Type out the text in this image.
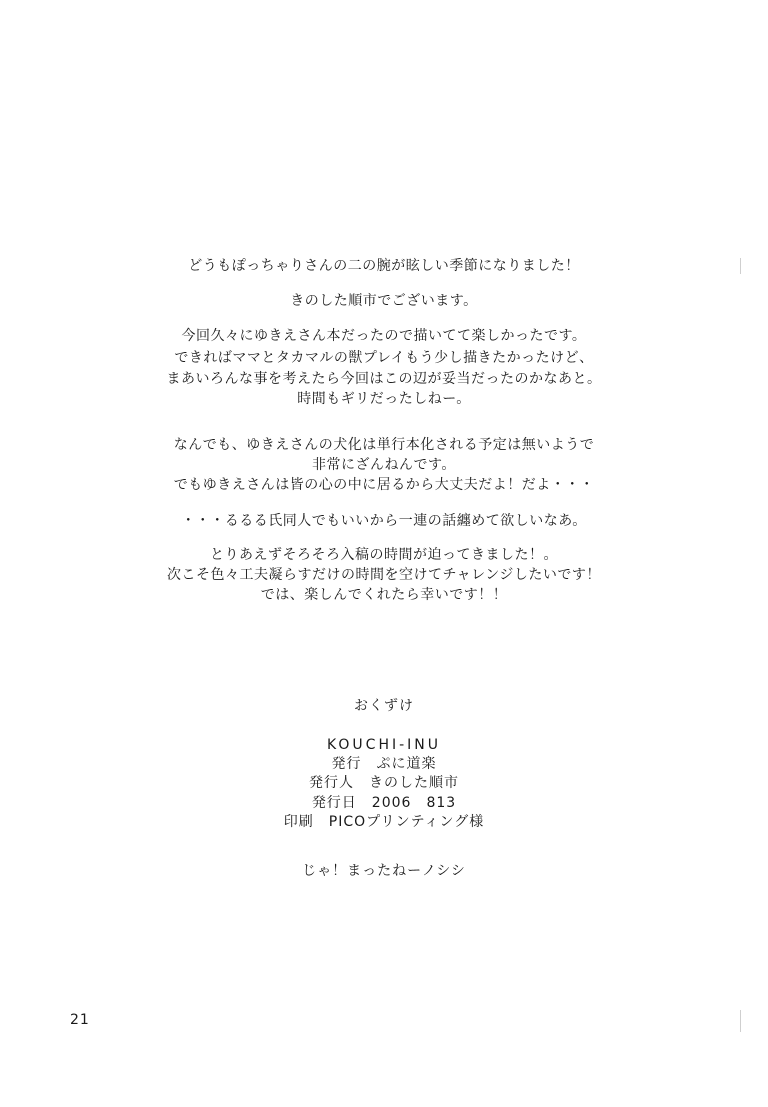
どうもぽっちゃりさんの二の腕が眩しい季節になりました！
きのした順市でございます。
今回久々にゆきえさん本だったので描いてて楽しかったです。
できればママとタカマルの獣プレイもう少し描きたかったけど、
まあいろんな事を考えたら今回はこの辺が妥当だったのかなあと。
時間もギリだったしねー。
なんでも、ゆきえさんの犬化は単行本化される予定は無いようで
非常にざんねんです。
でもゆきえさんは皆の心の中に居るから大丈夫だよ！だよ・・・
・・・るるる氏同人でもいいから一連の話纏めて欲しいなあ。
とりあえずそろそろ入稿の時間が迫ってきました！。
次こそ色々工夫凝らすだけの時間を空けてチャレンジしたいです！
では、楽しんでくれたら幸いです！！
おくずけ
KOUCHI-INU
発行　ぷに道楽
発行人　きのした順市
発行日　2006　813
印刷　PICOプリンティング様
じゃ！まったねーノシシ
21
